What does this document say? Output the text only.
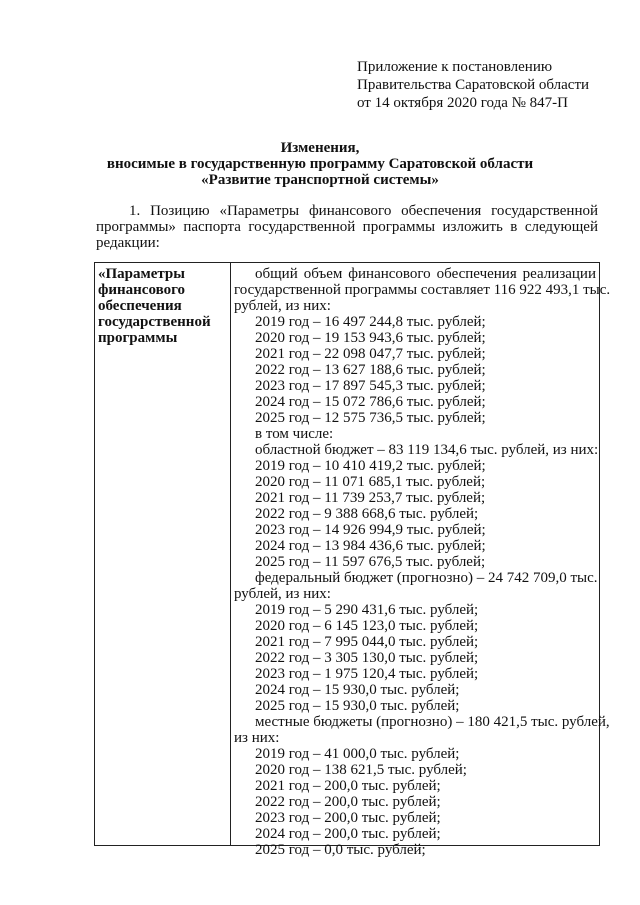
Приложение к постановлению
Правительства Саратовской области
от 14 октября 2020 года № 847-П
Изменения,
вносимые в государственную программу Саратовской области
«Развитие транспортной системы»
1. Позицию «Параметры финансового обеспечения государственной программы» паспорта государственной программы изложить в следующей редакции:
«Параметры
финансового
обеспечения
государственной
программы
общий объем финансового обеспечения реализации
государственной программы составляет 116 922 493,1 тыс.
рублей, из них:
2019 год – 16 497 244,8 тыс. рублей;
2020 год – 19 153 943,6 тыс. рублей;
2021 год – 22 098 047,7 тыс. рублей;
2022 год – 13 627 188,6 тыс. рублей;
2023 год – 17 897 545,3 тыс. рублей;
2024 год – 15 072 786,6 тыс. рублей;
2025 год – 12 575 736,5 тыс. рублей;
в том числе:
областной бюджет – 83 119 134,6 тыс. рублей, из них:
2019 год – 10 410 419,2 тыс. рублей;
2020 год – 11 071 685,1 тыс. рублей;
2021 год – 11 739 253,7 тыс. рублей;
2022 год – 9 388 668,6 тыс. рублей;
2023 год – 14 926 994,9 тыс. рублей;
2024 год – 13 984 436,6 тыс. рублей;
2025 год – 11 597 676,5 тыс. рублей;
федеральный бюджет (прогнозно) – 24 742 709,0 тыс.
рублей, из них:
2019 год – 5 290 431,6 тыс. рублей;
2020 год – 6 145 123,0 тыс. рублей;
2021 год – 7 995 044,0 тыс. рублей;
2022 год – 3 305 130,0 тыс. рублей;
2023 год – 1 975 120,4 тыс. рублей;
2024 год – 15 930,0 тыс. рублей;
2025 год – 15 930,0 тыс. рублей;
местные бюджеты (прогнозно) – 180 421,5 тыс. рублей,
из них:
2019 год – 41 000,0 тыс. рублей;
2020 год – 138 621,5 тыс. рублей;
2021 год – 200,0 тыс. рублей;
2022 год – 200,0 тыс. рублей;
2023 год – 200,0 тыс. рублей;
2024 год – 200,0 тыс. рублей;
2025 год – 0,0 тыс. рублей;
